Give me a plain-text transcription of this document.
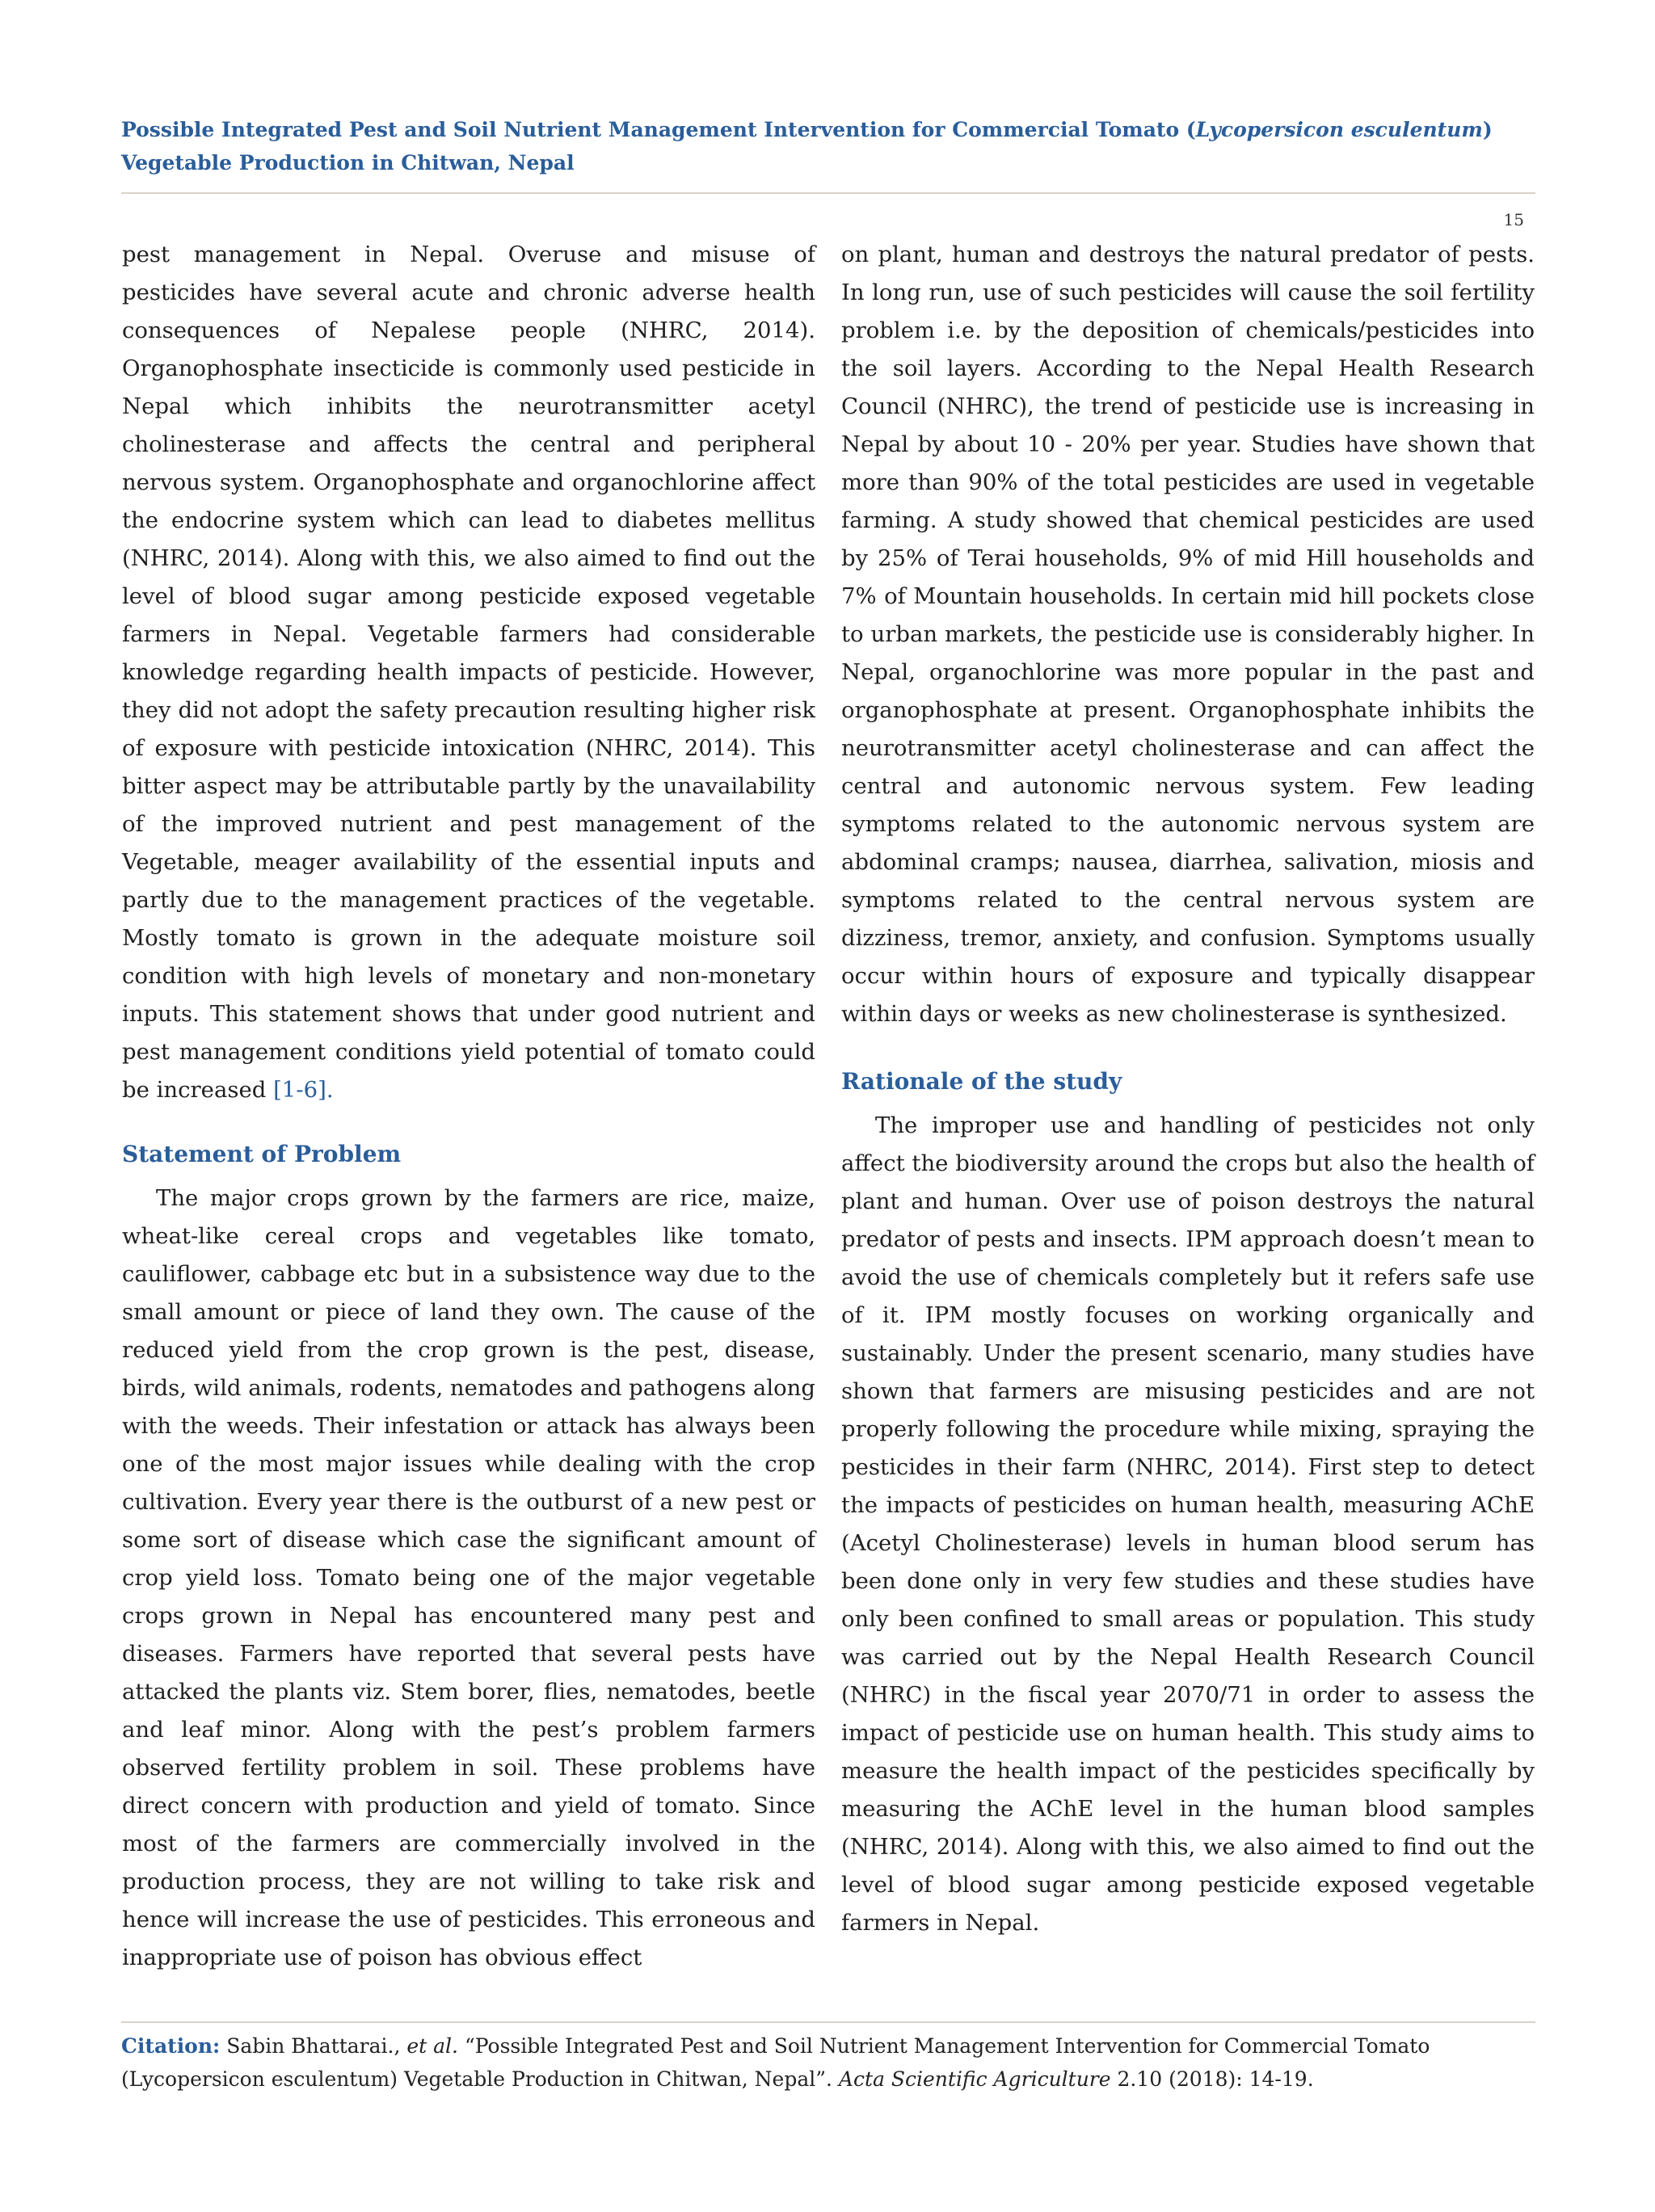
Possible Integrated Pest and Soil Nutrient Management Intervention for Commercial Tomato (Lycopersicon esculentum) Vegetable Production in Chitwan, Nepal
15

pest management in Nepal. Overuse and misuse of pesticides have several acute and chronic adverse health consequences of Nepalese people (NHRC, 2014). Organophosphate insecticide is commonly used pesticide in Nepal which inhibits the neurotransmitter acetyl cholinesterase and affects the central and peripheral nervous system. Organophosphate and organochlorine affect the endocrine system which can lead to diabetes mellitus (NHRC, 2014). Along with this, we also aimed to find out the level of blood sugar among pesticide exposed vegetable farmers in Nepal. Vegetable farmers had considerable knowledge regarding health impacts of pesticide. However, they did not adopt the safety precaution resulting higher risk of exposure with pesticide intoxication (NHRC, 2014). This bitter aspect may be attributable partly by the unavailability of the improved nutrient and pest management of the Vegetable, meager availability of the essential inputs and partly due to the management practices of the vegetable. Mostly tomato is grown in the adequate moisture soil condition with high levels of monetary and non-monetary inputs. This statement shows that under good nutrient and pest management conditions yield potential of tomato could be increased [1-6].

Statement of Problem

The major crops grown by the farmers are rice, maize, wheat-like cereal crops and vegetables like tomato, cauliflower, cabbage etc but in a subsistence way due to the small amount or piece of land they own. The cause of the reduced yield from the crop grown is the pest, disease, birds, wild animals, rodents, nematodes and pathogens along with the weeds. Their infestation or attack has always been one of the most major issues while dealing with the crop cultivation. Every year there is the outburst of a new pest or some sort of disease which case the significant amount of crop yield loss. Tomato being one of the major vegetable crops grown in Nepal has encountered many pest and diseases. Farmers have reported that several pests have attacked the plants viz. Stem borer, flies, nematodes, beetle and leaf minor. Along with the pest’s problem farmers observed fertility problem in soil. These problems have direct concern with production and yield of tomato. Since most of the farmers are commercially involved in the production process, they are not willing to take risk and hence will increase the use of pesticides. This erroneous and inappropriate use of poison has obvious effect

on plant, human and destroys the natural predator of pests. In long run, use of such pesticides will cause the soil fertility problem i.e. by the deposition of chemicals/pesticides into the soil layers. According to the Nepal Health Research Council (NHRC), the trend of pesticide use is increasing in Nepal by about 10 - 20% per year. Studies have shown that more than 90% of the total pesticides are used in vegetable farming. A study showed that chemical pesticides are used by 25% of Terai households, 9% of mid Hill households and 7% of Mountain households. In certain mid hill pockets close to urban markets, the pesticide use is considerably higher. In Nepal, organochlorine was more popular in the past and organophosphate at present. Organophosphate inhibits the neurotransmitter acetyl cholinesterase and can affect the central and autonomic nervous system. Few leading symptoms related to the autonomic nervous system are abdominal cramps; nausea, diarrhea, salivation, miosis and symptoms related to the central nervous system are dizziness, tremor, anxiety, and confusion. Symptoms usually occur within hours of exposure and typically disappear within days or weeks as new cholinesterase is synthesized.

Rationale of the study

The improper use and handling of pesticides not only affect the biodiversity around the crops but also the health of plant and human. Over use of poison destroys the natural predator of pests and insects. IPM approach doesn’t mean to avoid the use of chemicals completely but it refers safe use of it. IPM mostly focuses on working organically and sustainably. Under the present scenario, many studies have shown that farmers are misusing pesticides and are not properly following the procedure while mixing, spraying the pesticides in their farm (NHRC, 2014). First step to detect the impacts of pesticides on human health, measuring AChE (Acetyl Cholinesterase) levels in human blood serum has been done only in very few studies and these studies have only been confined to small areas or population. This study was carried out by the Nepal Health Research Council (NHRC) in the fiscal year 2070/71 in order to assess the impact of pesticide use on human health. This study aims to measure the health impact of the pesticides specifically by measuring the AChE level in the human blood samples (NHRC, 2014). Along with this, we also aimed to find out the level of blood sugar among pesticide exposed vegetable farmers in Nepal.

Citation: Sabin Bhattarai., et al. “Possible Integrated Pest and Soil Nutrient Management Intervention for Commercial Tomato (Lycopersicon esculentum) Vegetable Production in Chitwan, Nepal”. Acta Scientific Agriculture 2.10 (2018): 14-19.
